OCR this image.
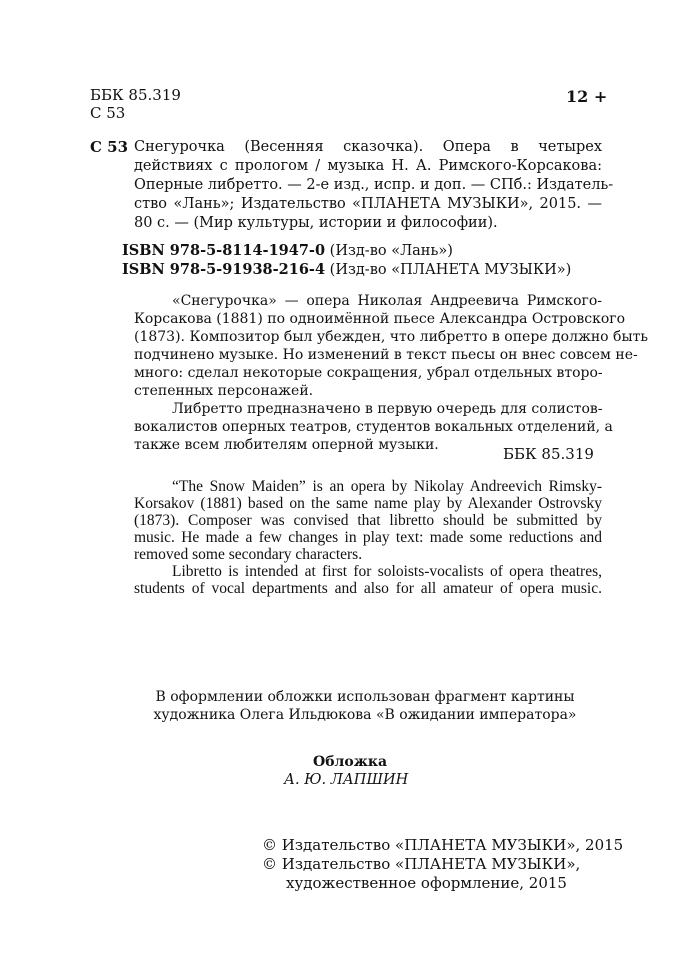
ББК 85.319
С 53
12 +
С 53 Снегурочка (Весенняя сказочка). Опера в четырех
действиях с прологом / музыка Н. А. Римского-Корсакова:
Оперные либретто. — 2-е изд., испр. и доп. — СПб.: Издатель-
ство «Лань»; Издательство «ПЛАНЕТА МУЗЫКИ», 2015. —
80 с. — (Мир культуры, истории и философии).
ISBN 978-5-8114-1947-0 (Изд-во «Лань»)
ISBN 978-5-91938-216-4 (Изд-во «ПЛАНЕТА МУЗЫКИ»)
«Снегурочка» — опера Николая Андреевича Римского-
Корсакова (1881) по одноимённой пьесе Александра Островского
(1873). Композитор был убежден, что либретто в опере должно быть
подчинено музыке. Но изменений в текст пьесы он внес совсем не-
много: сделал некоторые сокращения, убрал отдельных второ-
степенных персонажей.
Либретто предназначено в первую очередь для солистов-
вокалистов оперных театров, студентов вокальных отделений, а
также всем любителям оперной музыки.	ББК 85.319
“The Snow Maiden” is an opera by Nikolay Andreevich Rimsky-
Korsakov (1881) based on the same name play by Alexander Ostrovsky
(1873). Composer was convised that libretto should be submitted by
music. He made a few changes in play text: made some reductions and
removed some secondary characters.
Libretto is intended at first for soloists-vocalists of opera theatres,
students of vocal departments and also for all amateur of opera music.
В оформлении обложки использован фрагмент картины
художника Олега Ильдюкова «В ожидании императора»
Обложка
А. Ю. ЛАПШИН
© Издательство «ПЛАНЕТА МУЗЫКИ», 2015
© Издательство «ПЛАНЕТА МУЗЫКИ»,
художественное оформление, 2015
